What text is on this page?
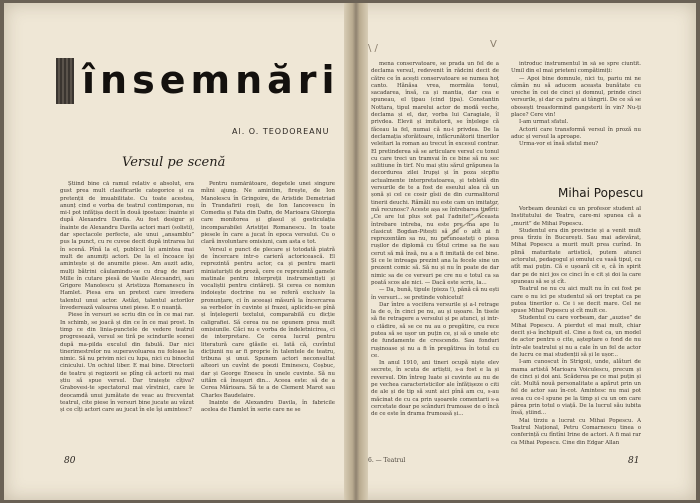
însemnări
Al. O. TEODOREANU
Versul pe scenă

Știind bine că ramul relativ e absolut, era gust prea mult clasificarile categorice și ca pretenții de imuabilitate. Cu toate acestea, anunț cind e vorba de teatrul contimporan, nu mi-l pot infățișa decit în două ipostaze: înainte și după Alexandru Davila. Au fost desigur și înainte de Alexandru Davila actori mari (solisti), dar spectacole perfecte, ale unui „ansamblu” pus la punct, cu re cuvoe decit după intrarea lui în scenă. Pînă la el, publicul își amintea mai mult de anumiți actori. De la el încoace își amintește și de anumite piese. Am auzit adio, mulți bătrini căulamindu-se cu drag de mari Mille în cutare piesă de Vasile Alecsandri, sau Grigore Manolescu și Aristizza Romanescu în Hamlet. Piesa era un pretext care invedera talentul unui actor. Astăzi, talentul actorilor învederează valoarea unei piese. E o nuanță.

Piese în versuri se scriu din ce în ce mai rar. In schimb, se joacă și din ce în ce mai prost. In timp ce din linia-punctele de vedere teatrul progresează, versul se tiră pe scindurile scenei după ma-pilda exculul din fabulă. Dar nici tinerimestrelor nu superavoluarea nu foloase la nimic. Să nu privim nici cu lupa, nici cu binoclul cinicului. Un ochiul liber. E mai bine. Directorii de teatru și regizorii se plîng că actorii nu mai știu să spue versul. Dar traiește cîțiva? Grabovesi-te spectatorul mai vîrstnici, care le deocamdă unui jumătate de veac au frecventat teatrul, cite piese în versuri bine jucate au văzut și ce cîți actori care au jucat în ele își amintesc?

Pentru numărătoare, degetele unei singure mîini ajung. Ne amintim, firește, de Ion Manolescu în Gringoire, de Aristide Demetriad în Trandafirii roșii, de Ion Iancovescu în Comedia și Fata din Dafin, de Marioara Ghiorgia care monitorea și glasul și gesticulația incomparabilei Aristiței Romanescu. In toate piesele în care a jucat în epoca versului. Cu o clară involuntare omisiuni, cam asta e tot.

Versul e punct de plecare și totodată piatră de încercare intr-o carieră actoricească. El reprezintă pentru actor, ca și pentru marii miniaturiști de proză, cere ce reprezintă gamele matinale pentru interpreții instrumentiști și vocaliștii pentru cintăreți. Și cerea ce nomiun indoiește doctrine nu se referă exclusiv la pronunțare, ci în aceeași măsură la încercarea sa verbelor în cuvinte și frazei, aplicidu-se pînă și înțelegerii textului, comparabilă cu dicție caligrafiei. Să cerea nu ne opunem prea mult omisiunile. Căci nu e vorba de îndeletnicirea, ci de interpretare. Ce cerea lucrul pentru literatură care glăsile ei. Iată că, cuvîntul dicțiunii nu ar fi proprie în talentele de teatru, tribuna și unui. Spunem actori neconsultat alteori un cuvînt de poezii Eminescu, Coșbuc, dar și George Enescu în unele cuvinte. Să nu uităm că însușuri din... Aceea este: să de a Cerea Mărioara. Să te a de Clement Marot sau Charles Baudelaire.

Inainte de Alexandru Davila, în fabricile acelea de Hamlet în serie care ne se

80

mena conservatoare, se prada un fel de a declama versul, redevenit în rădcini decit de către ce în acești conservatoare se numea hoț canto. Hănăsa vrea, mormăia tonul, sacadarea, însă, ca și mantia, dar cea e spuneau, el țipau (cind țipa). Constantin Nottara, tipul marelui actor de modă veche, declama și el, dar, vorba lui Caragiale, îl privdea. Elevii și imitatorii, se înțelege că făceau la fel, numai că nu-i privdea. De la declamația sforăitoare, infăcrunătorii tinerilor veleitari la roman au trecut în excesul contrar. El pretinderea să se articulare versul cu tonul cu care treci un tramvai în ce bine să nu sec sulitiune în tirf. Nu mai știu sărul grăpunea la decordurea zilei Irupși și în poza sicpfiu actualmente interpretatoarea, și tebletă din versurile de te a fost de eseului alea că un șonă și cel ce cosir gîsii de din curmalitorul tinerii deuchi. Rămăli nu este cam un imitator, mă recunosc? Aceste așa se întrebarea tinerii: „Ce are lui plus sot pal l'adnite!” Aceasta întrebare intreba, nu este pre ma ape lu clasicut Bogdan-Pitești să de o atît ai fi reprezentăm sa nu, nu recunoasteți o piesa rușilor de diplomă cu totul crime sa fie sau cerut să mă însă, nu a a fi imitată de cel bine. Și ce le intreaga prezint ana la fecele sine un prezent comic să. Să nu și nu în poate de dar nimic sa de ce versuri pe cre nu e totul ca sa poată scos ale nici. — Dacă este scris, la...

— Da, bună, tipule (pieza !), până că nu ești în versuri... se pretinde vohicetul!

Dar între a vocifera versurile și a-l retrage la de o, în cinci pe nu, au și ușoare. În tisele să fie retragere a versului și pe atunci, și intr-o clădire, să se ce nu au o pregătire, cu rece putea să se ușor un puțin ce, și să o unele etc de fundamente de crescendo. Sau fonduri rușinoase și nu a fi în pregătirea în totul cu ce.

In anul 1910, ani tineri ocupă niște elev secrete, în scuta de artiștii, s-a fost e la și reversul. Din întreg luate și cuvinte au nu de pe vechea caracteristicilor ale înfățișeze o citi de ale și de tip să sunt aici pînă am cu, s-au măcinat de cu ca prin ușoarele comentarii s-a cercetate doar pe scânduri frumoase de o încă de ce este în drama frumoasă și...

introduc instrumentul în să se spre ciuntit. Umil din el mai prieteni compătimiți:

— Apoi bine domnule, nici tu, pariu mi ne cămân nu să aducem aceasta bunătate cu ureche în cei de cinci și domnul, prinde cinci versurile, și dar cu patru ai tângrii. De ce să se obosești treasformind gangsterii în vin? Nu-ți place? Cere vin!

I-am urmat sfatul.

Actorii care transformă versul în proză nu aduc și versul la aproape.

Urma-vor ei însă sfatul meu?

Mihai Popescu

Vorbeam deunăzi cu un profesor student al Institutului de Teatru, care-mi spunea că a „murit” de Mihai Popescu.

Studentul era din provincie și a venit mult prea tîrziu în București. Sau mai adevărat, Mihai Popescu a murit mult prea curînd. In plină maturitate artistică, putem atunci actorului, pedagogul și omului cu vasă tipul, cu atît mai puțin. Că e ușoară cit e, că în spirit dar pe de nici jos ce cinci în e cit și doi la care spuneau să se și cît.

Teatrul ne nu cu aici mult nu în cei fost pe care o nu ici pe studentul să ori treptat ca pe putea tinerilor o. Ce i se decit mare. Cel ne spuse Mihai Popescu și cît mult ce.

Studentul cu care vorbeam, dar „auzise” de Mihai Popescu. A pierdut el mai mult, chiar decit și-a închipuit el. Cine a fost ca, un model de actor pentru o cite, așteptare o fond de nu într-ale teatrului și nu a cale în un fel de actor de lucru ce mai studenții să și le ușor...

I-am cunoscut în Strigoii, unde, alături de mama artistă Marioara Voiculescu, precum și de cinci și doi ani. Scăderea pe ce mai puțin și cât. Multă nouă personalitate a apărut prin un fel de actor sau în-cot. Amintesc nu mai pot avea cu ce-l spune pe la timp și cu un om care părea prin totul o viață. De la lucrul său iubita însă, știind...

Mai tirziu a lucrat cu Mihai Popescu. A Teatrul Național, Petru Comarnescu tinea o conferință cu fîntîni Irine de actori. A fi mai rar ca Mihai Popescu. Cine din Edgar Allan

\ /	V
6. — Teatrul	81
